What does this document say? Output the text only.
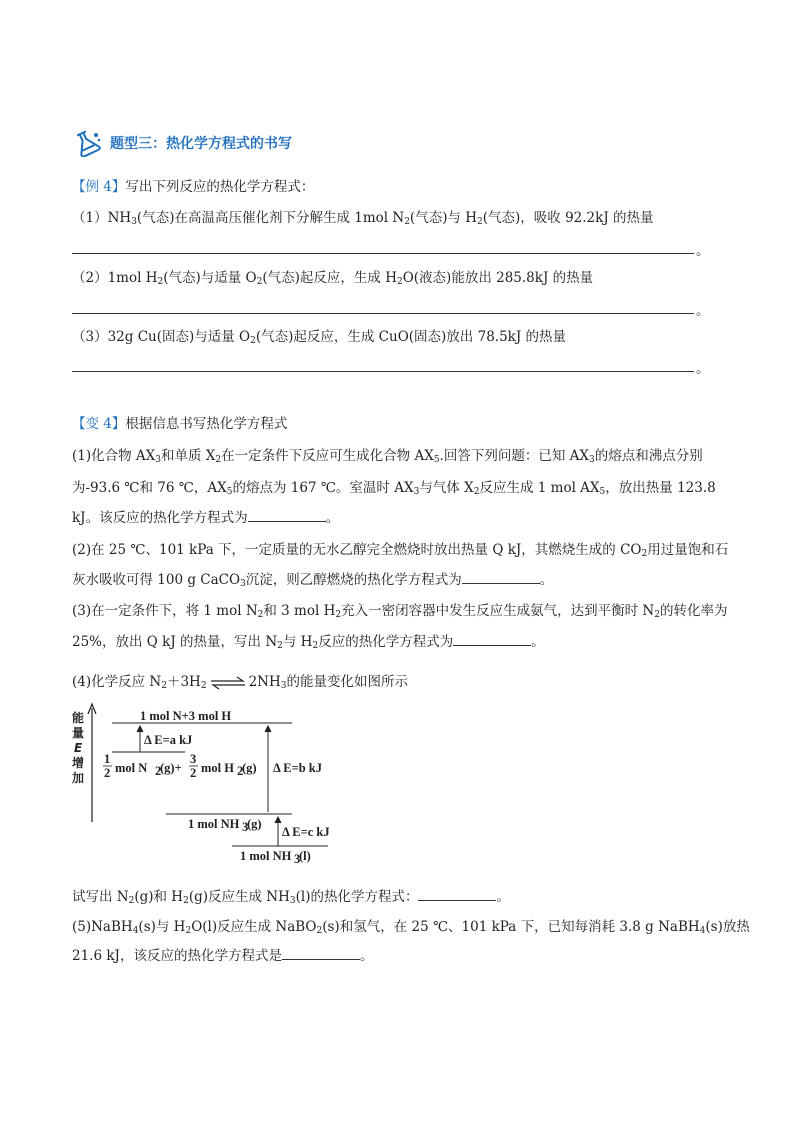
题型三：热化学方程式的书写
【例 4】写出下列反应的热化学方程式：
$(1)NH_3$(气态)在高温高压催化剂下分解生成 1mol $N_2$(气态)与 $H_2$(气态)，吸收 92.2kJ 的热量
。
（2）1mol $H_2$(气态)与适量 $O_2$(气态)起反应，生成 $H_2O$(液态)能放出 285.8kJ 的热量
。
（3）32g Cu(固态)与适量 $O_2$(气态)起反应，生成 CuO(固态)放出 78.5kJ 的热量
。
【变 4】根据信息书写热化学方程式
(1)化合物 $AX_3$和单质 $X_2$在一定条件下反应可生成化合物 $AX_5$.回答下列问题：已知 $AX_3$的熔点和沸点分别
为-93.6 ℃和 76 ℃，$AX_5$的熔点为 167 ℃。室温时 $AX_3$与气体 $X_2$反应生成 1 mol $AX_5$，放出热量 123.8
kJ。该反应的热化学方程式为	。
(2)在 25 ℃、101 kPa 下，一定质量的无水乙醇完全燃烧时放出热量 Q kJ，其燃烧生成的 $CO_2$用过量饱和石
灰水吸收可得 100 g CaCO$_3$沉淀，则乙醇燃烧的热化学方程式为	。
(3)在一定条件下，将 1 mol $N_2$和 3 mol $H_2$充入一密闭容器中发生反应生成氨气，达到平衡时 $N_2$的转化率为
25%，放出 Q kJ 的热量，写出 $N_2$与 $H_2$反应的热化学方程式为	。
(4)化学反应 $N_2+3H_2$ ⇌ $2NH_3$的能量变化如图所示
能
量
E
增
加
1 mol N+3 mol H
Δ E=a kJ
1
2 mol N 2
(g)+
3
2 mol H 2
(g) Δ E=b kJ
1 mol NH 3
(g)
Δ E=c kJ
1 mol NH 3
(l)
试写出 $N_2(g)$和 $H_2(g)$反应生成 $NH_3(l)$的热化学方程式：	。
(5)NaBH$_4$(s)与 $H_2O(l)$反应生成 NaBO$_2$(s)和氢气，在 25 ℃、101 kPa 下，已知每消耗 3.8 g NaBH$_4$(s)放热
21.6 kJ，该反应的热化学方程式是	。
